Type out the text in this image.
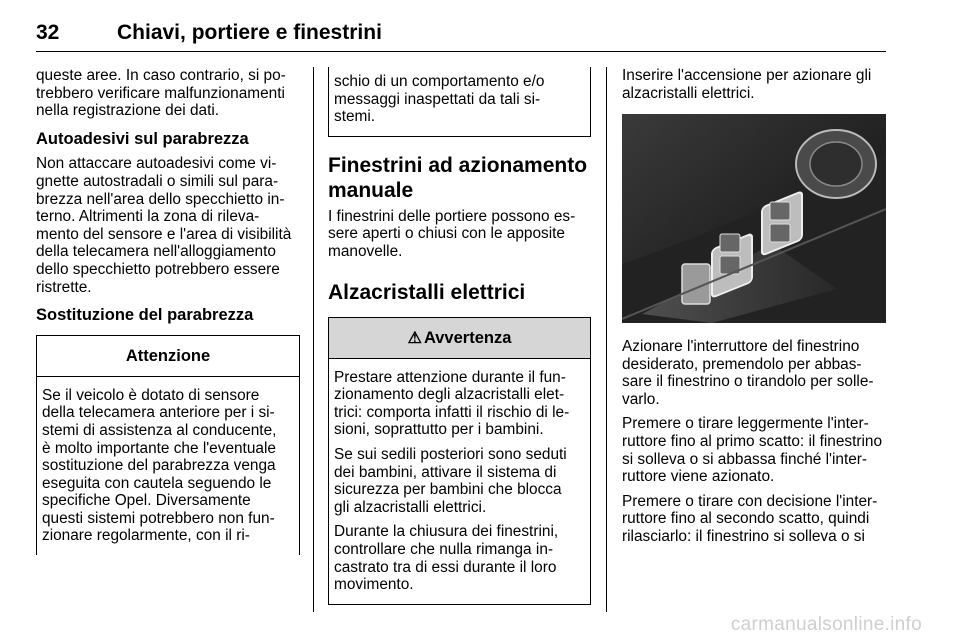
32	Chiavi, portiere e finestrini

queste aree. In caso contrario, si po-
trebbero verificare malfunzionamenti
nella registrazione dei dati.

Autoadesivi sul parabrezza

Non attaccare autoadesivi come vi-
gnette autostradali o simili sul para-
brezza nell'area dello specchietto in-
terno. Altrimenti la zona di rileva-
mento del sensore e l'area di visibilità
della telecamera nell'alloggiamento
dello specchietto potrebbero essere
ristrette.

Sostituzione del parabrezza
Attenzione

Se il veicolo è dotato di sensore
della telecamera anteriore per i si-
stemi di assistenza al conducente,
è molto importante che l'eventuale
sostituzione del parabrezza venga
eseguita con cautela seguendo le
specifiche Opel. Diversamente
questi sistemi potrebbero non fun-
zionare regolarmente, con il ri-

schio di un comportamento e/o
messaggi inaspettati da tali si-
stemi.

Finestrini ad azionamento
manuale

I finestrini delle portiere possono es-
sere aperti o chiusi con le apposite
manovelle.

Alzacristalli elettrici
⚠ Avvertenza

Prestare attenzione durante il fun-
zionamento degli alzacristalli elet-
trici: comporta infatti il rischio di le-
sioni, soprattutto per i bambini.

Se sui sedili posteriori sono seduti
dei bambini, attivare il sistema di
sicurezza per bambini che blocca
gli alzacristalli elettrici.

Durante la chiusura dei finestrini,
controllare che nulla rimanga in-
castrato tra di essi durante il loro
movimento.

Inserire l'accensione per azionare gli
alzacristalli elettrici.

Azionare l'interruttore del finestrino
desiderato, premendolo per abbas-
sare il finestrino o tirandolo per solle-
varlo.

Premere o tirare leggermente l'inter-
ruttore fino al primo scatto: il finestrino
si solleva o si abbassa finché l'inter-
ruttore viene azionato.

Premere o tirare con decisione l'inter-
ruttore fino al secondo scatto, quindi
rilasciarlo: il finestrino si solleva o si

carmanualsonline.info
